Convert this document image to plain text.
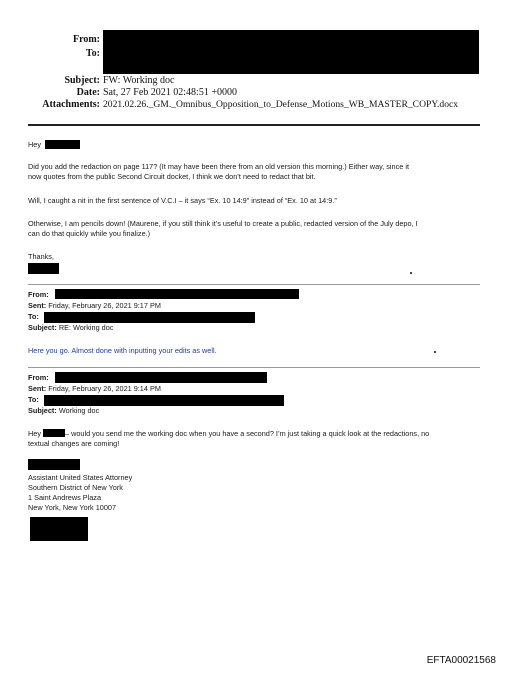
From:
To:
Subject: FW: Working doc
Date: Sat, 27 Feb 2021 02:48:51 +0000
Attachments: 2021.02.26._GM._Omnibus_Opposition_to_Defense_Motions_WB_MASTER_COPY.docx
Hey
Did you add the redaction on page 117? (It may have been there from an old version this morning.) Either way, since it
now quotes from the public Second Circuit docket, I think we don’t need to redact that bit.
Will, I caught a nit in the first sentence of V.C.I – it says “Ex. 10 14:9” instead of “Ex. 10 at 14:9.”
Otherwise, I am pencils down! (Maurene, if you still think it’s useful to create a public, redacted version of the July depo, I
can do that quickly while you finalize.)
Thanks,
From:
Sent: Friday, February 26, 2021 9:17 PM
To:
Subject: RE: Working doc
Here you go. Almost done with inputting your edits as well.
From:
Sent: Friday, February 26, 2021 9:14 PM
To:
Subject: Working doc
Hey	– would you send me the working doc when you have a second? I’m just taking a quick look at the redactions, no
textual changes are coming!
Assistant United States Attorney
Southern District of New York
1 Saint Andrews Plaza
New York, New York 10007
EFTA00021568
